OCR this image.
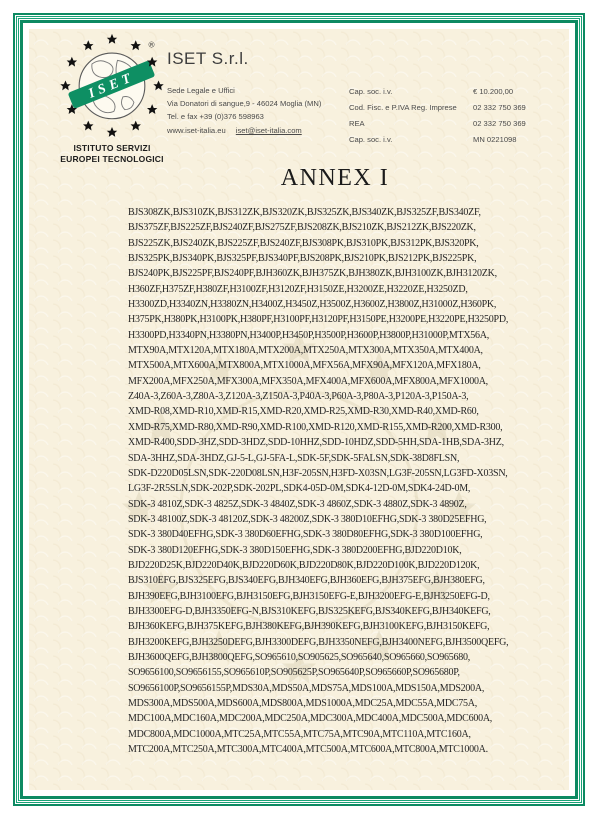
ISET
®
ISTITUTO SERVIZI
EUROPEI TECNOLOGICI
ISET S.r.l.
Sede Legale e Uffici
Via Donatori di sangue,9 - 46024 Moglia (MN)
Tel. e fax +39 (0)376 598963
www.iset-italia.eu iset@iset-italia.com
Cap. soc. i.v.	€ 10.200,00
Cod. Fisc. e P.IVA Reg. Imprese	02 332 750 369
REA	02 332 750 369
Cap. soc. i.v.	MN 0221098
ANNEX I
BJS308ZK,BJS310ZK,BJS312ZK,BJS320ZK,BJS325ZK,BJS340ZK,BJS325ZF,BJS340ZF,
BJS375ZF,BJS225ZF,BJS240ZF,BJS275ZF,BJS208ZK,BJS210ZK,BJS212ZK,BJS220ZK,
BJS225ZK,BJS240ZK,BJS225ZF,BJS240ZF,BJS308PK,BJS310PK,BJS312PK,BJS320PK,
BJS325PK,BJS340PK,BJS325PF,BJS340PF,BJS208PK,BJS210PK,BJS212PK,BJS225PK,
BJS240PK,BJS225PF,BJS240PF,BJH360ZK,BJH375ZK,BJH380ZK,BJH3100ZK,BJH3120ZK,
H360ZF,H375ZF,H380ZF,H3100ZF,H3120ZF,H3150ZE,H3200ZE,H3220ZE,H3250ZD,
H3300ZD,H3340ZN,H3380ZN,H3400Z,H3450Z,H3500Z,H3600Z,H3800Z,H31000Z,H360PK,
H375PK,H380PK,H3100PK,H380PF,H3100PF,H3120PF,H3150PE,H3200PE,H3220PE,H3250PD,
H3300PD,H3340PN,H3380PN,H3400P,H3450P,H3500P,H3600P,H3800P,H31000P,MTX56A,
MTX90A,MTX120A,MTX180A,MTX200A,MTX250A,MTX300A,MTX350A,MTX400A,
MTX500A,MTX600A,MTX800A,MTX1000A,MFX56A,MFX90A,MFX120A,MFX180A,
MFX200A,MFX250A,MFX300A,MFX350A,MFX400A,MFX600A,MFX800A,MFX1000A,
Z40A-3,Z60A-3,Z80A-3,Z120A-3,Z150A-3,P40A-3,P60A-3,P80A-3,P120A-3,P150A-3,
XMD-R08,XMD-R10,XMD-R15,XMD-R20,XMD-R25,XMD-R30,XMD-R40,XMD-R60,
XMD-R75,XMD-R80,XMD-R90,XMD-R100,XMD-R120,XMD-R155,XMD-R200,XMD-R300,
XMD-R400,SDD-3HZ,SDD-3HDZ,SDD-10HHZ,SDD-10HDZ,SDD-5HH,SDA-1HB,SDA-3HZ,
SDA-3HHZ,SDA-3HDZ,GJ-5-L,GJ-5FA-L,SDK-5F,SDK-5FALSN,SDK-38D8FLSN,
SDK-D220D05LSN,SDK-220D08LSN,H3F-205SN,H3FD-X03SN,LG3F-205SN,LG3FD-X03SN,
LG3F-2R5SLN,SDK-202P,SDK-202PL,SDK4-05D-0M,SDK4-12D-0M,SDK4-24D-0M,
SDK-3 4810Z,SDK-3 4825Z,SDK-3 4840Z,SDK-3 4860Z,SDK-3 4880Z,SDK-3 4890Z,
SDK-3 48100Z,SDK-3 48120Z,SDK-3 48200Z,SDK-3 380D10EFHG,SDK-3 380D25EFHG,
SDK-3 380D40EFHG,SDK-3 380D60EFHG,SDK-3 380D80EFHG,SDK-3 380D100EFHG,
SDK-3 380D120EFHG,SDK-3 380D150EFHG,SDK-3 380D200EFHG,BJD220D10K,
BJD220D25K,BJD220D40K,BJD220D60K,BJD220D80K,BJD220D100K,BJD220D120K,
BJS310EFG,BJS325EFG,BJS340EFG,BJH340EFG,BJH360EFG,BJH375EFG,BJH380EFG,
BJH390EFG,BJH3100EFG,BJH3150EFG,BJH3150EFG-E,BJH3200EFG-E,BJH3250EFG-D,
BJH3300EFG-D,BJH3350EFG-N,BJS310KEFG,BJS325KEFG,BJS340KEFG,BJH340KEFG,
BJH360KEFG,BJH375KEFG,BJH380KEFG,BJH390KEFG,BJH3100KEFG,BJH3150KEFG,
BJH3200KEFG,BJH3250DEFG,BJH3300DEFG,BJH3350NEFG,BJH3400NEFG,BJH3500QEFG,
BJH3600QEFG,BJH3800QEFG,SO965610,SO905625,SO965640,SO965660,SO965680,
SO9656100,SO9656155,SO965610P,SO905625P,SO965640P,SO965660P,SO965680P,
SO9656100P,SO9656155P,MDS30A,MDS50A,MDS75A,MDS100A,MDS150A,MDS200A,
MDS300A,MDS500A,MDS600A,MDS800A,MDS1000A,MDC25A,MDC55A,MDC75A,
MDC100A,MDC160A,MDC200A,MDC250A,MDC300A,MDC400A,MDC500A,MDC600A,
MDC800A,MDC1000A,MTC25A,MTC55A,MTC75A,MTC90A,MTC110A,MTC160A,
MTC200A,MTC250A,MTC300A,MTC400A,MTC500A,MTC600A,MTC800A,MTC1000A.
